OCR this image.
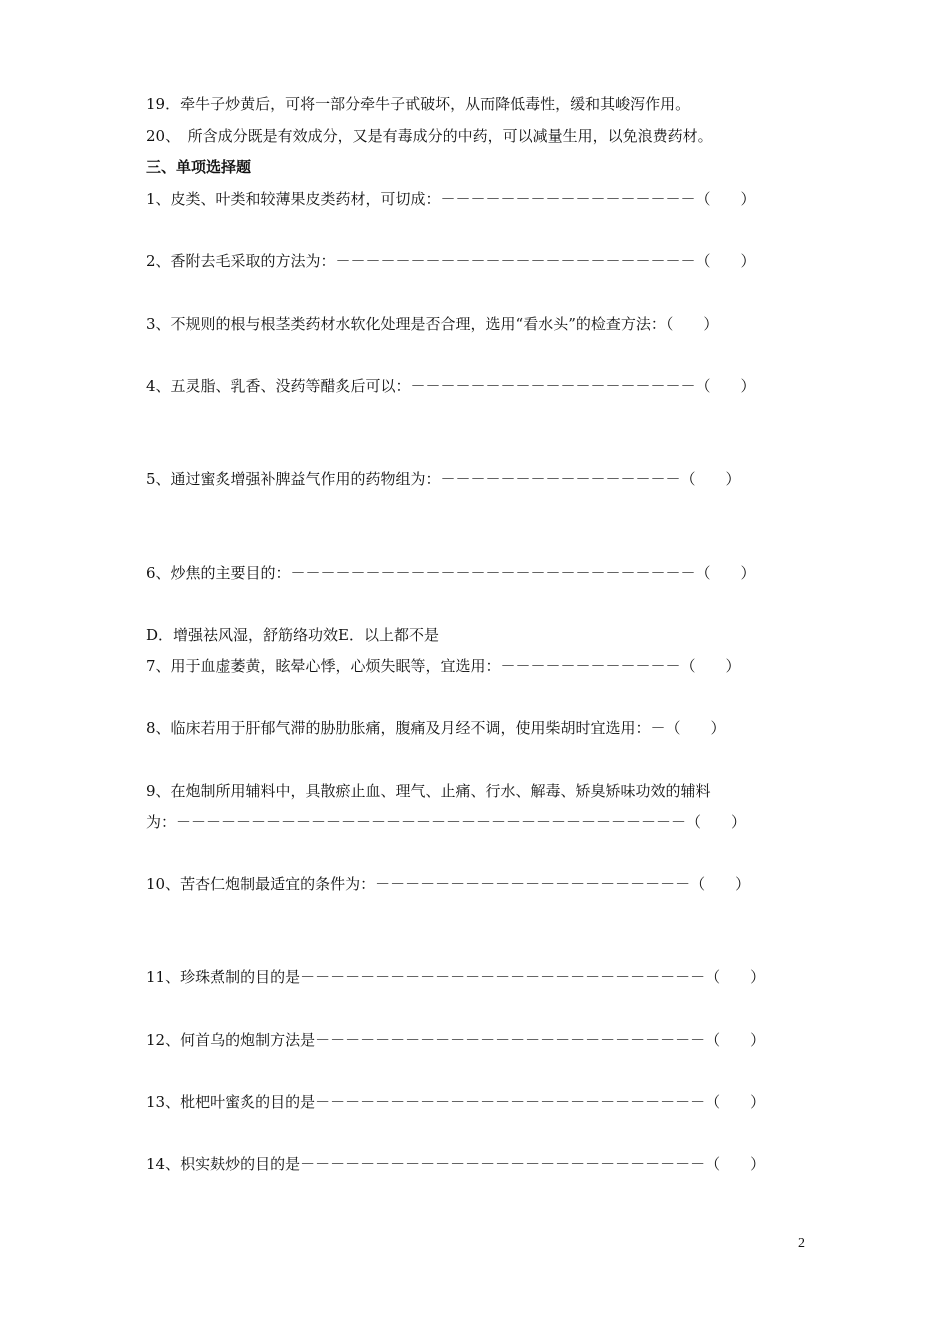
19．牵牛子炒黄后，可将一部分牵牛子甙破坏，从而降低毒性，缓和其峻泻作用。
20、　所含成分既是有效成分，又是有毒成分的中药，可以减量生用，以免浪费药材。
三、单项选择题
1、皮类、叶类和较薄果皮类药材，可切成：－－－－－－－－－－－－－－－－－（　　）
2、香附去毛采取的方法为：－－－－－－－－－－－－－－－－－－－－－－－－（　　）
3、不规则的根与根茎类药材水软化处理是否合理，选用“看水头”的检查方法：（　　）
4、五灵脂、乳香、没药等醋炙后可以：－－－－－－－－－－－－－－－－－－－（　　）
5、通过蜜炙增强补脾益气作用的药物组为：－－－－－－－－－－－－－－－－（　　）
6、炒焦的主要目的：－－－－－－－－－－－－－－－－－－－－－－－－－－－（　　）
D．增强祛风湿，舒筋络功效E．以上都不是
7、用于血虚萎黄，眩晕心悸，心烦失眠等，宜选用：－－－－－－－－－－－－（　　）
8、临床若用于肝郁气滞的胁肋胀痛，腹痛及月经不调，使用柴胡时宜选用：－（　　）
9、在炮制所用辅料中，具散瘀止血、理气、止痛、行水、解毒、矫臭矫味功效的辅料
为：－－－－－－－－－－－－－－－－－－－－－－－－－－－－－－－－－－（　　）
10、苦杏仁炮制最适宜的条件为：－－－－－－－－－－－－－－－－－－－－－（　　）
11、珍珠煮制的目的是－－－－－－－－－－－－－－－－－－－－－－－－－－－（　　）
12、何首乌的炮制方法是－－－－－－－－－－－－－－－－－－－－－－－－－－（　　）
13、枇杷叶蜜炙的目的是－－－－－－－－－－－－－－－－－－－－－－－－－－（　　）
14、枳实麸炒的目的是－－－－－－－－－－－－－－－－－－－－－－－－－－－（　　）
2
